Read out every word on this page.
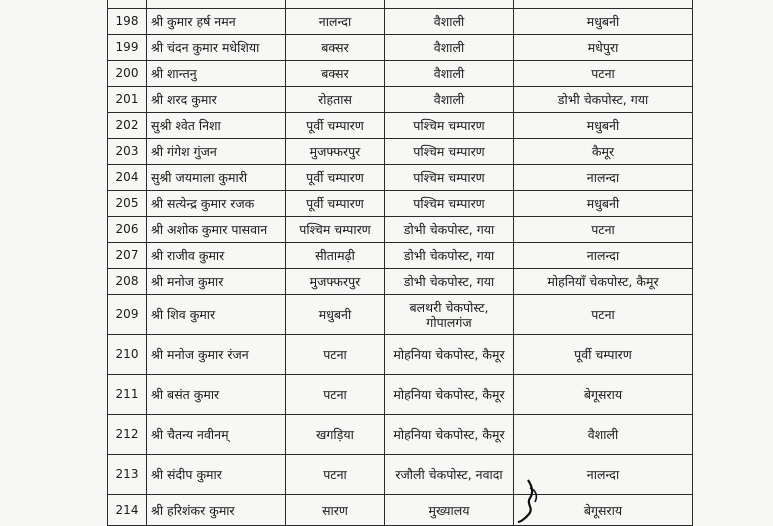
198	श्री कुमार हर्ष नमन	नालन्दा	वैशाली	मधुबनी
199	श्री चंदन कुमार मधेशिया	बक्सर	वैशाली	मधेपुरा
200	श्री शान्तनु	बक्सर	वैशाली	पटना
201	श्री शरद कुमार	रोहतास	वैशाली	डोभी चेकपोस्ट, गया
202	सुश्री श्वेत निशा	पूर्वी चम्पारण	पश्चिम चम्पारण	मधुबनी
203	श्री गंगेश गुंजन	मुजफ्फरपुर	पश्चिम चम्पारण	कैमूर
204	सुश्री जयमाला कुमारी	पूर्वी चम्पारण	पश्चिम चम्पारण	नालन्दा
205	श्री सत्येन्द्र कुमार रजक	पूर्वी चम्पारण	पश्चिम चम्पारण	मधुबनी
206	श्री अशोक कुमार पासवान	पश्चिम चम्पारण	डोभी चेकपोस्ट, गया	पटना
207	श्री राजीव कुमार	सीतामढ़ी	डोभी चेकपोस्ट, गया	नालन्दा
208	श्री मनोज कुमार	मुजफ्फरपुर	डोभी चेकपोस्ट, गया	मोहनियाँ चेकपोस्ट, कैमूर
209	श्री शिव कुमार	मधुबनी	बलथरी चेकपोस्ट, गोपालगंज	पटना
210	श्री मनोज कुमार रंजन	पटना	मोहनिया चेकपोस्ट, कैमूर	पूर्वी चम्पारण
211	श्री बसंत कुमार	पटना	मोहनिया चेकपोस्ट, कैमूर	बेगूसराय
212	श्री चैतन्य नवीनम्	खगड़िया	मोहनिया चेकपोस्ट, कैमूर	वैशाली
213	श्री संदीप कुमार	पटना	रजौली चेकपोस्ट, नवादा	नालन्दा
214	श्री हरिशंकर कुमार	सारण	मुख्यालय	बेगूसराय
